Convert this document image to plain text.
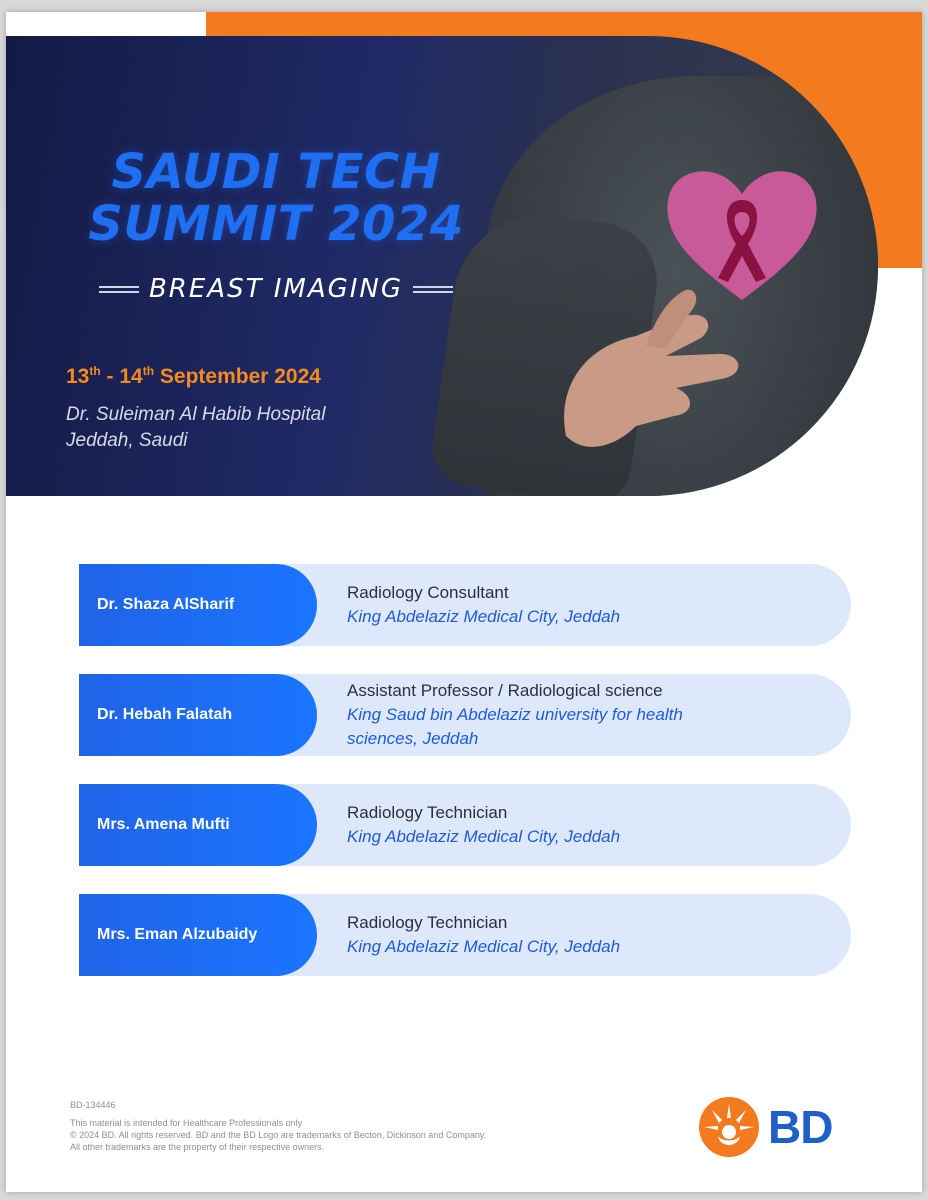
SAUDI TECH
SUMMIT 2024
BREAST IMAGING
13th - 14th September 2024
Dr. Suleiman Al Habib Hospital
Jeddah, Saudi
Dr. Shaza AlSharif
Radiology Consultant
King Abdelaziz Medical City, Jeddah
Dr. Hebah Falatah
Assistant Professor / Radiological science
King Saud bin Abdelaziz university for health sciences, Jeddah
Mrs. Amena Mufti
Radiology Technician
King Abdelaziz Medical City, Jeddah
Mrs. Eman Alzubaidy
Radiology Technician
King Abdelaziz Medical City, Jeddah
BD-134446
This material is intended for Healthcare Professionals only
© 2024 BD. All rights reserved. BD and the BD Logo are trademarks of Becton, Dickinson and Company.
All other trademarks are the property of their respective owners.	BD
